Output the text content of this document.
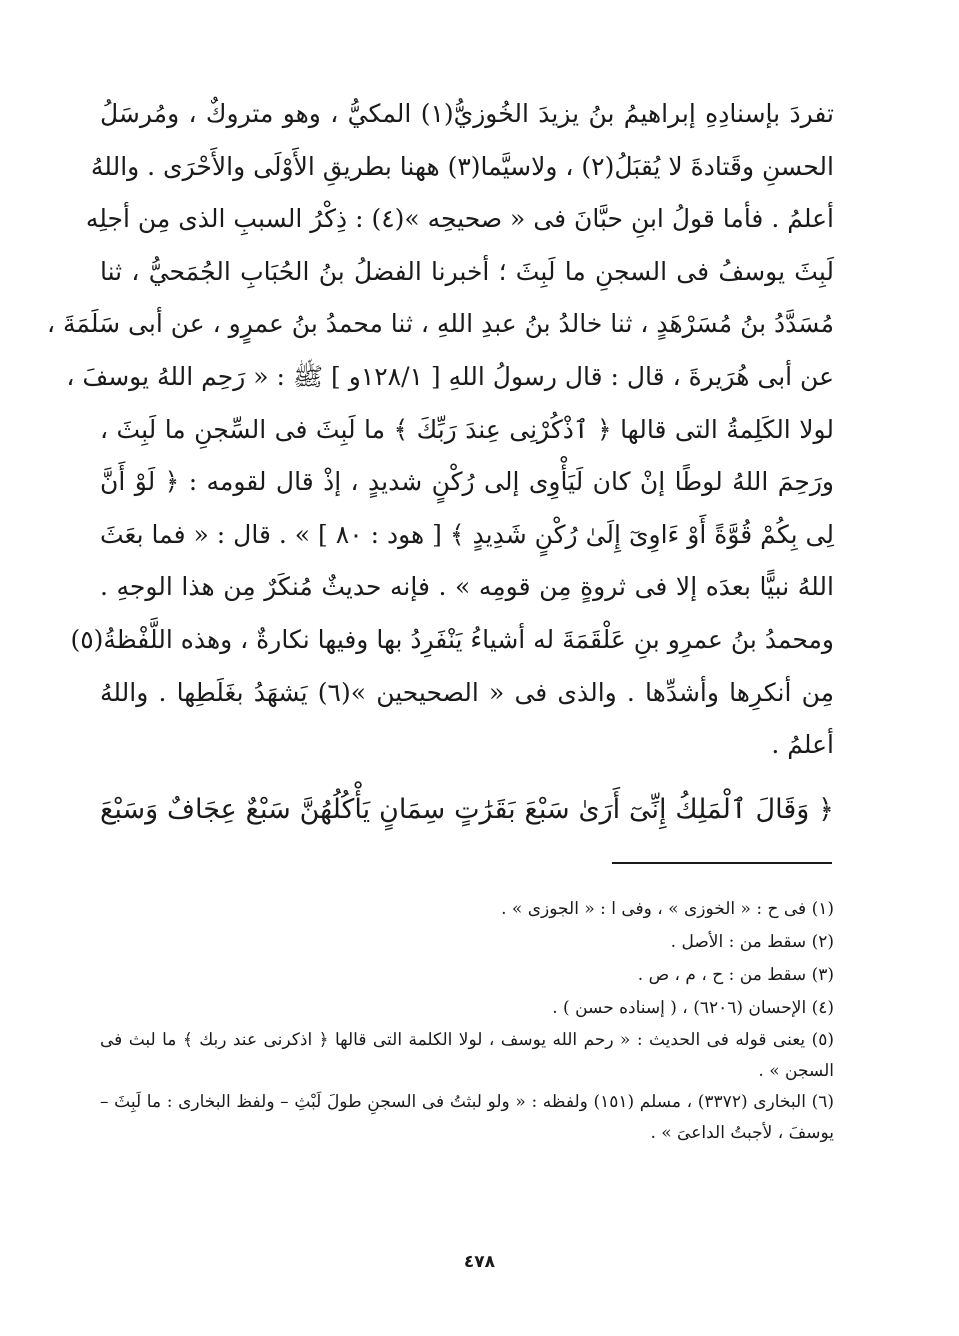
تفردَ بإسنادِهِ إبراهيمُ بنُ يزيدَ الخُوزيُّ(١) المكيُّ ، وهو متروكٌ ، ومُرسَلُ
الحسنِ وقَتادةَ لا يُقبَلُ(٢) ، ولاسيَّما(٣) ههنا بطريقِ الأَوْلَى والأَحْرَى . واللهُ
أعلمُ . فأما قولُ ابنِ حبَّانَ فى « صحيحِه »(٤) : ذِكْرُ السببِ الذى مِن أجلِه
لَبِثَ يوسفُ فى السجنِ ما لَبِثَ ؛ أخبرنا الفضلُ بنُ الحُبَابِ الجُمَحيُّ ، ثنا
مُسَدَّدُ بنُ مُسَرْهَدٍ ، ثنا خالدُ بنُ عبدِ اللهِ ، ثنا محمدُ بنُ عمرٍو ، عن أبى سَلَمَةَ ،
عن أبى هُرَيرةَ ، قال : قال رسولُ اللهِ [ ١٢٨/١و ] ﷺ : « رَحِم اللهُ يوسفَ ،
لولا الكَلِمةُ التى قالها ﴿ ٱذْكُرْنِى عِندَ رَبِّكَ ﴾ ما لَبِثَ فى السِّجنِ ما لَبِثَ ،
ورَحِمَ اللهُ لوطًا إنْ كان لَيَأْوِى إلى رُكْنٍ شديدٍ ، إذْ قال لقومه : ﴿ لَوْ أَنَّ
لِى بِكُمْ قُوَّةً أَوْ ءَاوِىٓ إِلَىٰ رُكْنٍ شَدِيدٍ ﴾ [ هود : ٨٠ ] » . قال : « فما بعَثَ
اللهُ نبيًّا بعدَه إلا فى ثروةٍ مِن قومِه » . فإنه حديثٌ مُنكَرٌ مِن هذا الوجهِ .
ومحمدُ بنُ عمرِو بنِ عَلْقَمَةَ له أشياءُ يَنْفَرِدُ بها وفيها نكارةٌ ، وهذه اللَّفْظةُ(٥)
مِن أنكرِها وأشدِّها . والذى فى « الصحيحين »(٦) يَشهَدُ بغَلَطِها . واللهُ
أعلمُ .
﴿ وَقَالَ ٱلْمَلِكُ إِنِّىٓ أَرَىٰ سَبْعَ بَقَرَٰتٍ سِمَانٍ يَأْكُلُهُنَّ سَبْعٌ عِجَافٌ وَسَبْعَ
(١) فى ح : « الخوزى » ، وفى ا : « الجوزى » .
(٢) سقط من : الأصل .
(٣) سقط من : ح ، م ، ص .
(٤) الإحسان (٦٢٠٦) ، ( إسناده حسن ) .
(٥) يعنى قوله فى الحديث : « رحم الله يوسف ، لولا الكلمة التى قالها ﴿ اذكرنى عند ربك ﴾ ما لبث فى السجن » .
(٦) البخارى (٣٣٧٢) ، مسلم (١٥١) ولفظه : « ولو لبثتُ فى السجنِ طولَ لَبْثِ – ولفظ البخارى : ما لَبِثَ – يوسفَ ، لأجبتُ الداعىَ » .
٤٧٨
